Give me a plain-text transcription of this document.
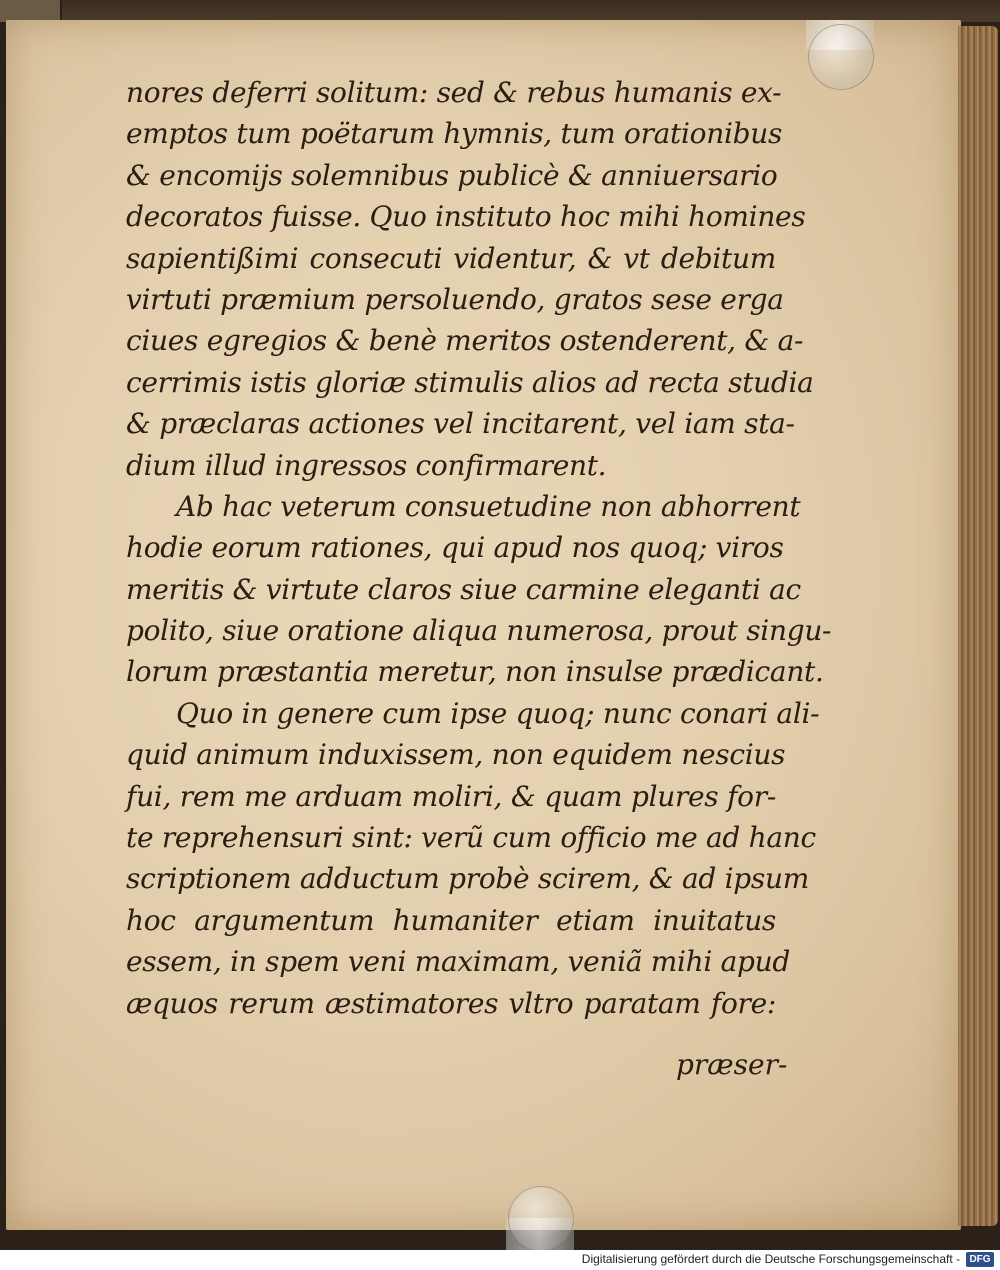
nores deferri solitum: sed & rebus humanis ex-
emptos tum poëtarum hymnis, tum orationibus
& encomijs solemnibus publicè & anniuersario
decoratos fuisse. Quo instituto hoc mihi homines
sapientißimi consecuti videntur, & vt debitum
virtuti præmium persoluendo, gratos sese erga
ciues egregios & benè meritos ostenderent, & a-
cerrimis istis gloriæ stimulis alios ad recta studia
& præclaras actiones vel incitarent, vel iam sta-
dium illud ingressos confirmarent.
Ab hac veterum consuetudine non abhorrent
hodie eorum rationes, qui apud nos quoq; viros
meritis & virtute claros siue carmine eleganti ac
polito, siue oratione aliqua numerosa, prout singu-
lorum præstantia meretur, non insulse prædicant.
Quo in genere cum ipse quoq; nunc conari ali-
quid animum induxissem, non equidem nescius
fui, rem me arduam moliri, & quam plures for-
te reprehensuri sint: verũ cum officio me ad hanc
scriptionem adductum probè scirem, & ad ipsum
hoc argumentum humaniter etiam inuitatus
essem, in spem veni maximam, veniã mihi apud
æquos rerum æstimatores vltro paratam fore:
præser-
Digitalisierung gefördert durch die Deutsche Forschungsgemeinschaft - DFG
